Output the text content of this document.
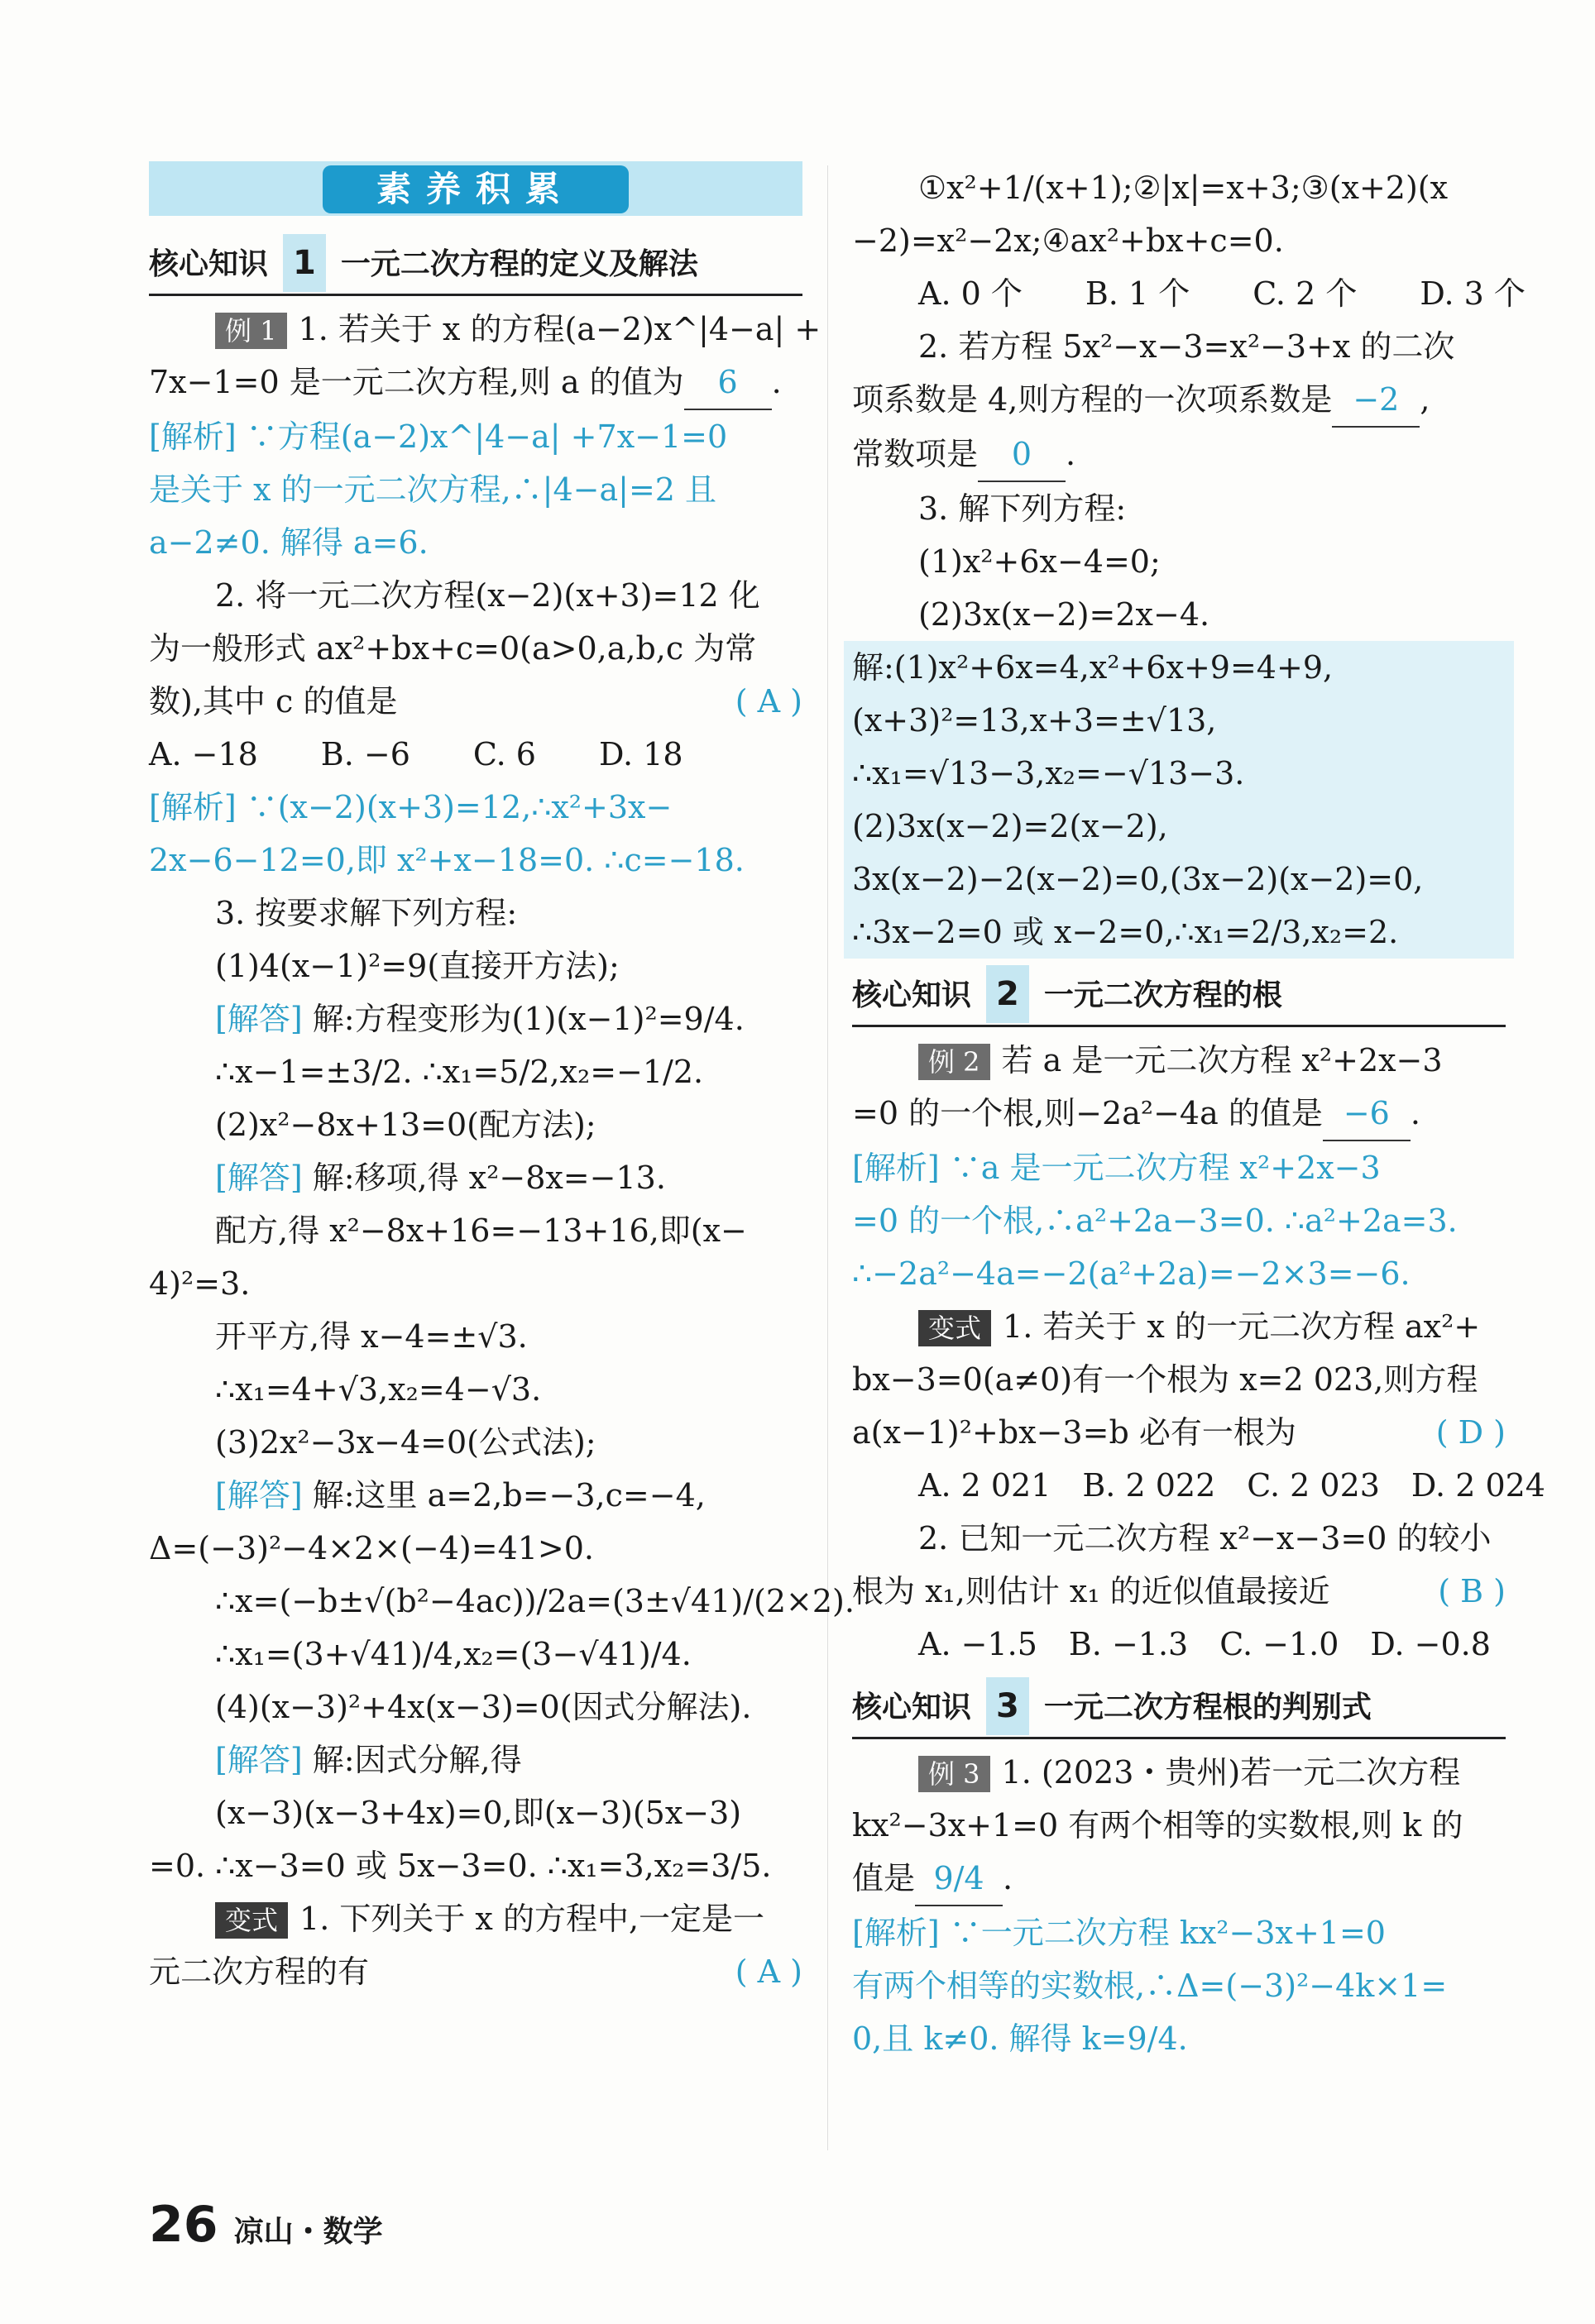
素养积累
核心知识 1 一元二次方程的定义及解法
例 1 1. 若关于 x 的方程(a−2)x^|4−a| +
7x−1=0 是一元二次方程,则 a 的值为 6 .
[解析] ∵方程(a−2)x^|4−a| +7x−1=0
是关于 x 的一元二次方程,∴|4−a|=2 且
a−2≠0. 解得 a=6.
2. 将一元二次方程(x−2)(x+3)=12 化
为一般形式 ax²+bx+c=0(a>0,a,b,c 为常
数),其中 c 的值是	( A )
A. −18　　B. −6　　C. 6　　D. 18
[解析] ∵(x−2)(x+3)=12,∴x²+3x−
2x−6−12=0,即 x²+x−18=0. ∴c=−18.
3. 按要求解下列方程:
(1)4(x−1)²=9(直接开方法);
[解答] 解:方程变形为(1)(x−1)²=9/4.
∴x−1=±3/2. ∴x₁=5/2,x₂=−1/2.
(2)x²−8x+13=0(配方法);
[解答] 解:移项,得 x²−8x=−13.
配方,得 x²−8x+16=−13+16,即(x−
4)²=3.
开平方,得 x−4=±√3.
∴x₁=4+√3,x₂=4−√3.
(3)2x²−3x−4=0(公式法);
[解答] 解:这里 a=2,b=−3,c=−4,
Δ=(−3)²−4×2×(−4)=41>0.
∴x=(−b±√(b²−4ac))/2a=(3±√41)/(2×2).
∴x₁=(3+√41)/4,x₂=(3−√41)/4.
(4)(x−3)²+4x(x−3)=0(因式分解法).
[解答] 解:因式分解,得
(x−3)(x−3+4x)=0,即(x−3)(5x−3)
=0. ∴x−3=0 或 5x−3=0. ∴x₁=3,x₂=3/5.
变式 1. 下列关于 x 的方程中,一定是一
元二次方程的有	( A )
①x²+1/(x+1);②|x|=x+3;③(x+2)(x
−2)=x²−2x;④ax²+bx+c=0.
A. 0 个　　B. 1 个　　C. 2 个　　D. 3 个
2. 若方程 5x²−x−3=x²−3+x 的二次
项系数是 4,则方程的一次项系数是 −2 ,
常数项是 0 .
3. 解下列方程:
(1)x²+6x−4=0;
(2)3x(x−2)=2x−4.
解:(1)x²+6x=4,x²+6x+9=4+9,
(x+3)²=13,x+3=±√13,
∴x₁=√13−3,x₂=−√13−3.
(2)3x(x−2)=2(x−2),
3x(x−2)−2(x−2)=0,(3x−2)(x−2)=0,
∴3x−2=0 或 x−2=0,∴x₁=2/3,x₂=2.
核心知识 2 一元二次方程的根
例 2 若 a 是一元二次方程 x²+2x−3
=0 的一个根,则−2a²−4a 的值是 −6 .
[解析] ∵a 是一元二次方程 x²+2x−3
=0 的一个根,∴a²+2a−3=0. ∴a²+2a=3.
∴−2a²−4a=−2(a²+2a)=−2×3=−6.
变式 1. 若关于 x 的一元二次方程 ax²+
bx−3=0(a≠0)有一个根为 x=2 023,则方程
a(x−1)²+bx−3=b 必有一根为	( D )
A. 2 021　B. 2 022　C. 2 023　D. 2 024
2. 已知一元二次方程 x²−x−3=0 的较小
根为 x₁,则估计 x₁ 的近似值最接近	( B )
A. −1.5　B. −1.3　C. −1.0　D. −0.8
核心知识 3 一元二次方程根的判别式
例 3 1. (2023・贵州)若一元二次方程
kx²−3x+1=0 有两个相等的实数根,则 k 的
值是 9/4 .
[解析] ∵一元二次方程 kx²−3x+1=0
有两个相等的实数根,∴Δ=(−3)²−4k×1=
0,且 k≠0. 解得 k=9/4.
26 凉山・数学
